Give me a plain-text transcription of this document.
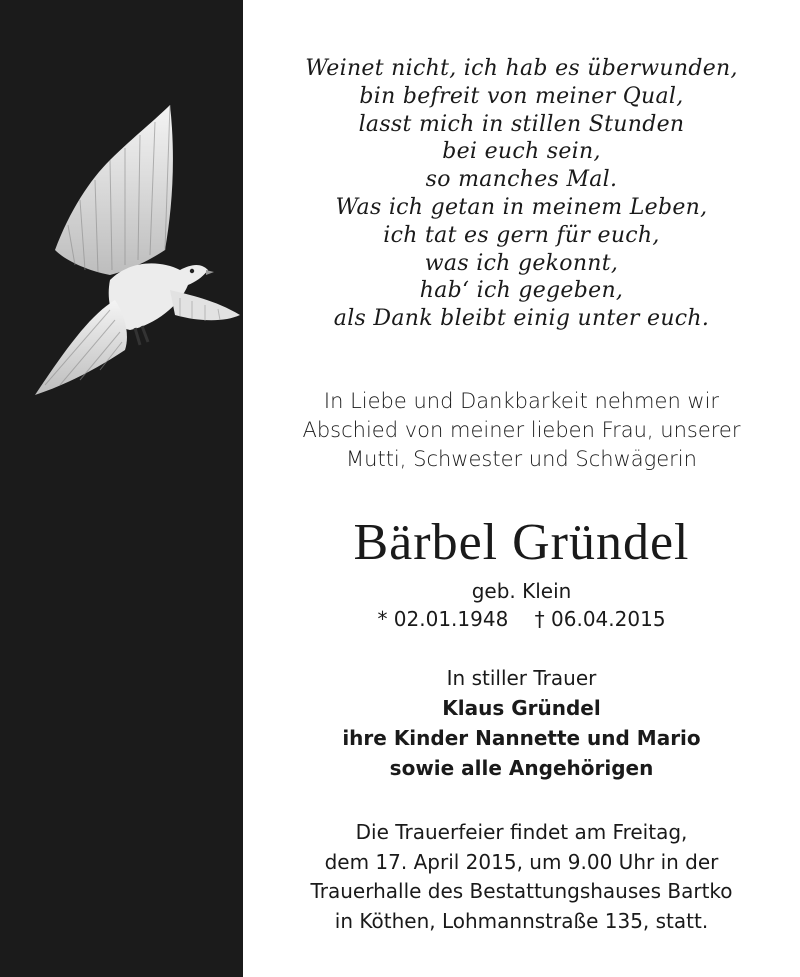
Weinet nicht, ich hab es überwunden,
bin befreit von meiner Qual,
lasst mich in stillen Stunden
bei euch sein,
so manches Mal.
Was ich getan in meinem Leben,
ich tat es gern für euch,
was ich gekonnt,
hab‘ ich gegeben,
als Dank bleibt einig unter euch.
In Liebe und Dankbarkeit nehmen wir
Abschied von meiner lieben Frau, unserer
Mutti, Schwester und Schwägerin
Bärbel Gründel
geb. Klein
* 02.01.1948 † 06.04.2015
In stiller Trauer
Klaus Gründel
ihre Kinder Nannette und Mario
sowie alle Angehörigen
Die Trauerfeier findet am Freitag,
dem 17. April 2015, um 9.00 Uhr in der
Trauerhalle des Bestattungshauses Bartko
in Köthen, Lohmannstraße 135, statt.
